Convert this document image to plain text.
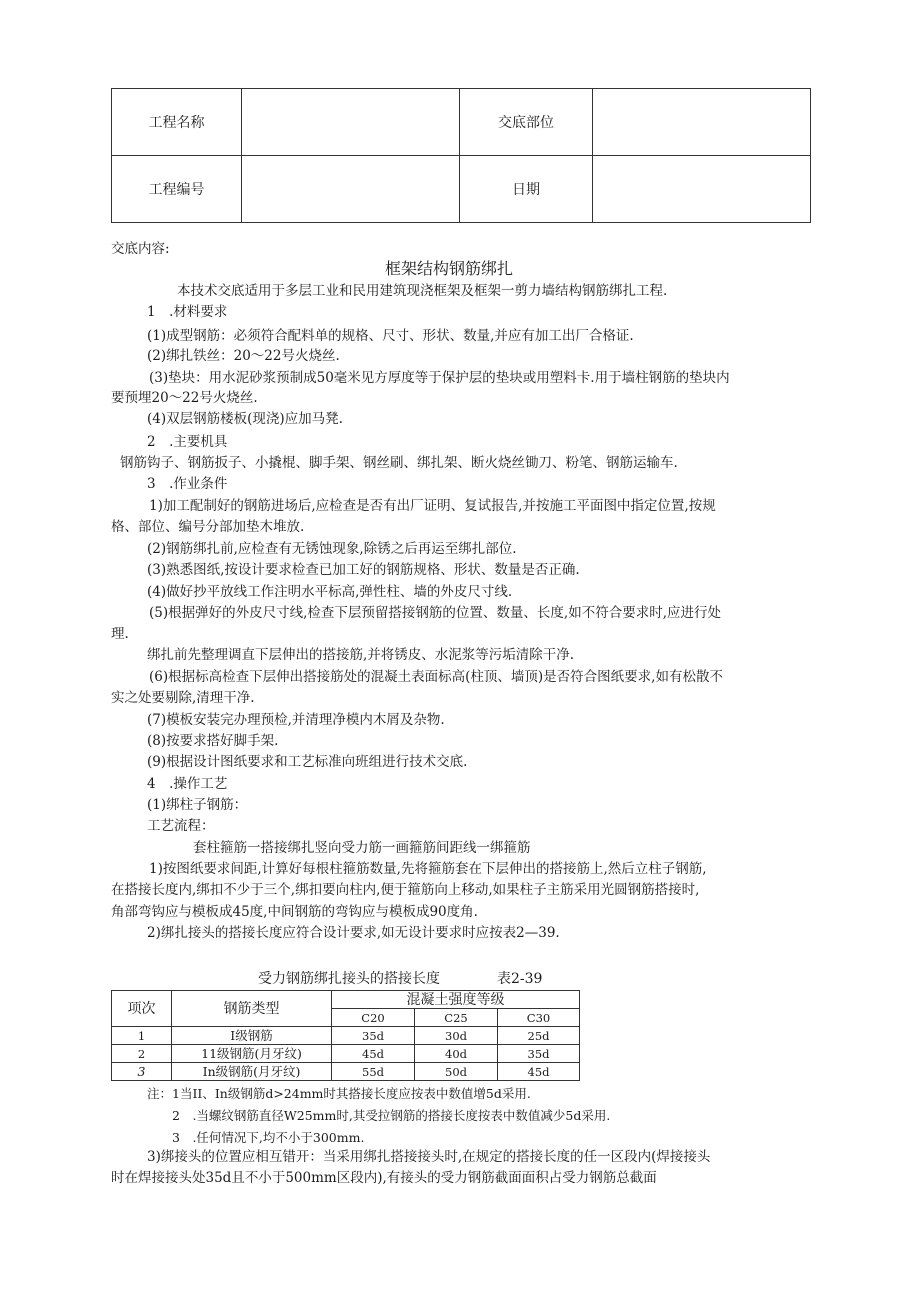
工程名称		交底部位	
工程编号		日期	
交底内容:
框架结构钢筋绑扎
本技术交底适用于多层工业和民用建筑现浇框架及框架一剪力墙结构钢筋绑扎工程.
1　.材料要求
(1)成型钢筋：必须符合配料单的规格、尺寸、形状、数量,并应有加工出厂合格证.
(2)绑扎铁丝：20～22号火烧丝.
(3)垫块：用水泥砂浆预制成50毫米见方厚度等于保护层的垫块或用塑料卡.用于墙柱钢筋的垫块内
要预埋20～22号火烧丝.
(4)双层钢筋楼板(现浇)应加马凳.
2　.主要机具
钢筋钩子、钢筋扳子、小撬棍、脚手架、钢丝刷、绑扎架、断火烧丝锄刀、粉笔、钢筋运输车.
3　.作业条件
1)加工配制好的钢筋进场后,应检查是否有出厂证明、复试报告,并按施工平面图中指定位置,按规
格、部位、编号分部加垫木堆放.
(2)钢筋绑扎前,应检查有无锈蚀现象,除锈之后再运至绑扎部位.
(3)熟悉图纸,按设计要求检查已加工好的钢筋规格、形状、数量是否正确.
(4)做好抄平放线工作注明水平标高,弹性柱、墙的外皮尺寸线.
(5)根据弹好的外皮尺寸线,检查下层预留搭接钢筋的位置、数量、长度,如不符合要求时,应进行处
理.
绑扎前先整理调直下层伸出的搭接筋,并将锈皮、水泥浆等污垢清除干净.
(6)根据标高检查下层伸出搭接筋处的混凝土表面标高(柱顶、墙顶)是否符合图纸要求,如有松散不
实之处要剔除,清理干净.
(7)模板安装完办理预检,并清理净模内木屑及杂物.
(8)按要求搭好脚手架.
(9)根据设计图纸要求和工艺标准向班组进行技术交底.
4　.操作工艺
(1)绑柱子钢筋：
工艺流程：
套柱箍筋一搭接绑扎竖向受力筋一画箍筋间距线一绑箍筋
1)按图纸要求间距,计算好每根柱箍筋数量,先将箍筋套在下层伸出的搭接筋上,然后立柱子钢筋,
在搭接长度内,绑扣不少于三个,绑扣要向柱内,便于箍筋向上移动,如果柱子主筋采用光圆钢筋搭接时,
角部弯钩应与模板成45度,中间钢筋的弯钩应与模板成90度角.
2)绑扎接头的搭接长度应符合设计要求,如无设计要求时应按表2—39.
受力钢筋绑扎接头的搭接长度	表2-39
项次	钢筋类型	混凝土强度等级		
		C20	C25	C30
1	I级钢筋	35d	30d	25d
2	11级钢筋(月牙纹)	45d	40d	35d
3	In级钢筋(月牙纹)	55d	50d	45d
注：1当II、In级钢筋d>24mm时其搭接长度应按表中数值增5d采用.
2　.当螺纹钢筋直径W25mm时,其受拉钢筋的搭接长度按表中数值减少5d采用.
3　.任何情况下,均不小于300mm.
3)绑接头的位置应相互错开：当采用绑扎搭接接头时,在规定的搭接长度的任一区段内(焊接接头
时在焊接接头处35d且不小于500mm区段内),有接头的受力钢筋截面面积占受力钢筋总截面
